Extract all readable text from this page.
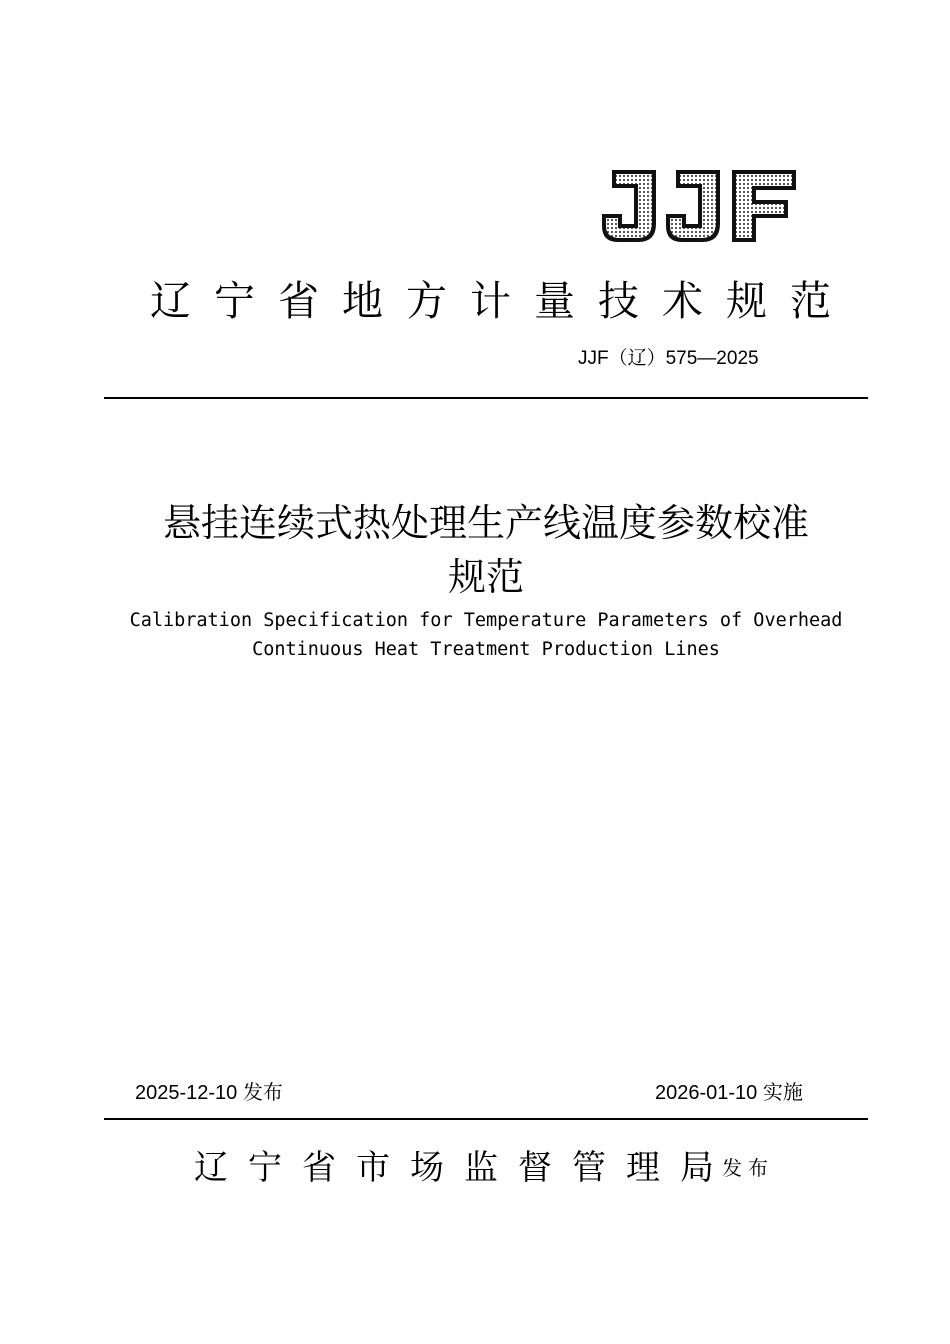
辽宁省地方计量技术规范
JJF（辽）575—2025
悬挂连续式热处理生产线温度参数校准
规范
Calibration Specification for Temperature Parameters of Overhead
Continuous Heat Treatment Production Lines
2025-12-10 发布	2026-01-10 实施
辽宁省市场监督管理局
发布
